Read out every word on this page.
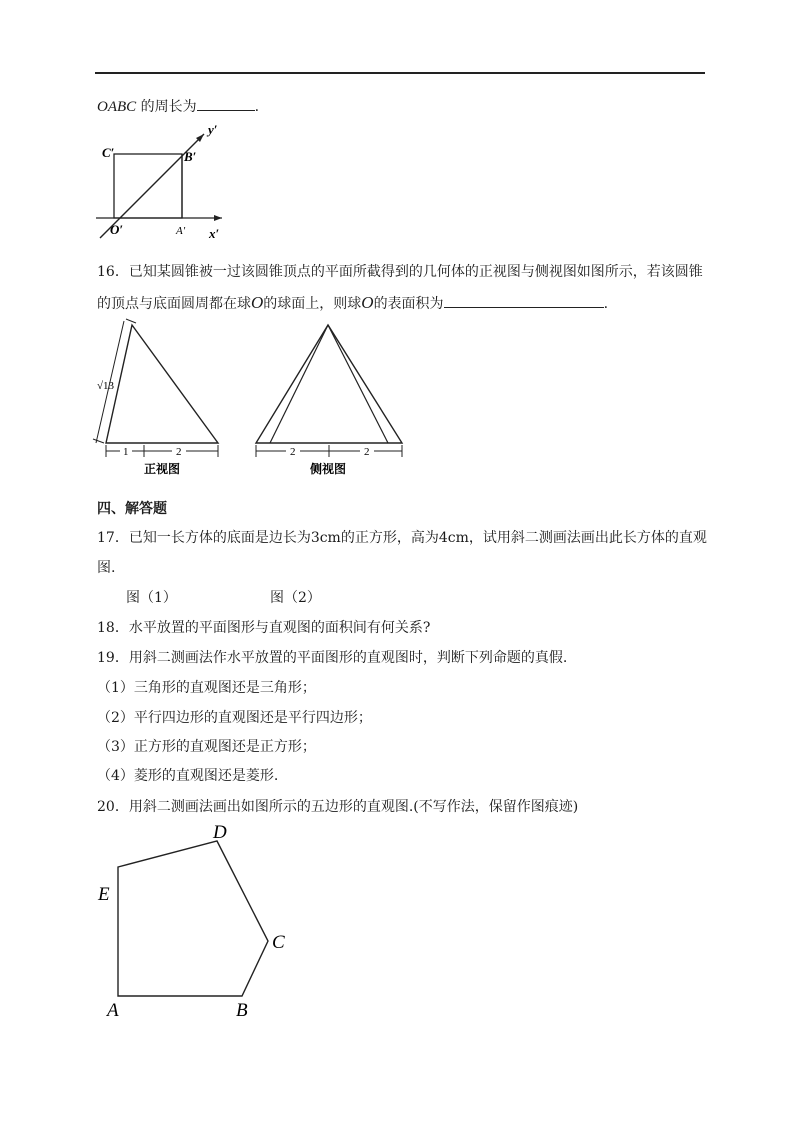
OABC 的周长为	.
C′	B′
O′	A′ x′
y′
16．已知某圆锥被一过该圆锥顶点的平面所截得到的几何体的正视图与侧视图如图所示，若该圆锥
的顶点与底面圆周都在球O的球面上，则球O的表面积为	.
√13
1	2
正视图
2	2
侧视图
四、解答题
17．已知一长方体的底面是边长为3cm的正方形，高为4cm，试用斜二测画法画出此长方体的直观
图.
图（1）	图（2）
18．水平放置的平面图形与直观图的面积间有何关系?
19．用斜二测画法作水平放置的平面图形的直观图时，判断下列命题的真假.
（1）三角形的直观图还是三角形；
（2）平行四边形的直观图还是平行四边形；
（3）正方形的直观图还是正方形；
（4）菱形的直观图还是菱形.
20．用斜二测画法画出如图所示的五边形的直观图.(不写作法，保留作图痕迹)
A	B
C
D
E
